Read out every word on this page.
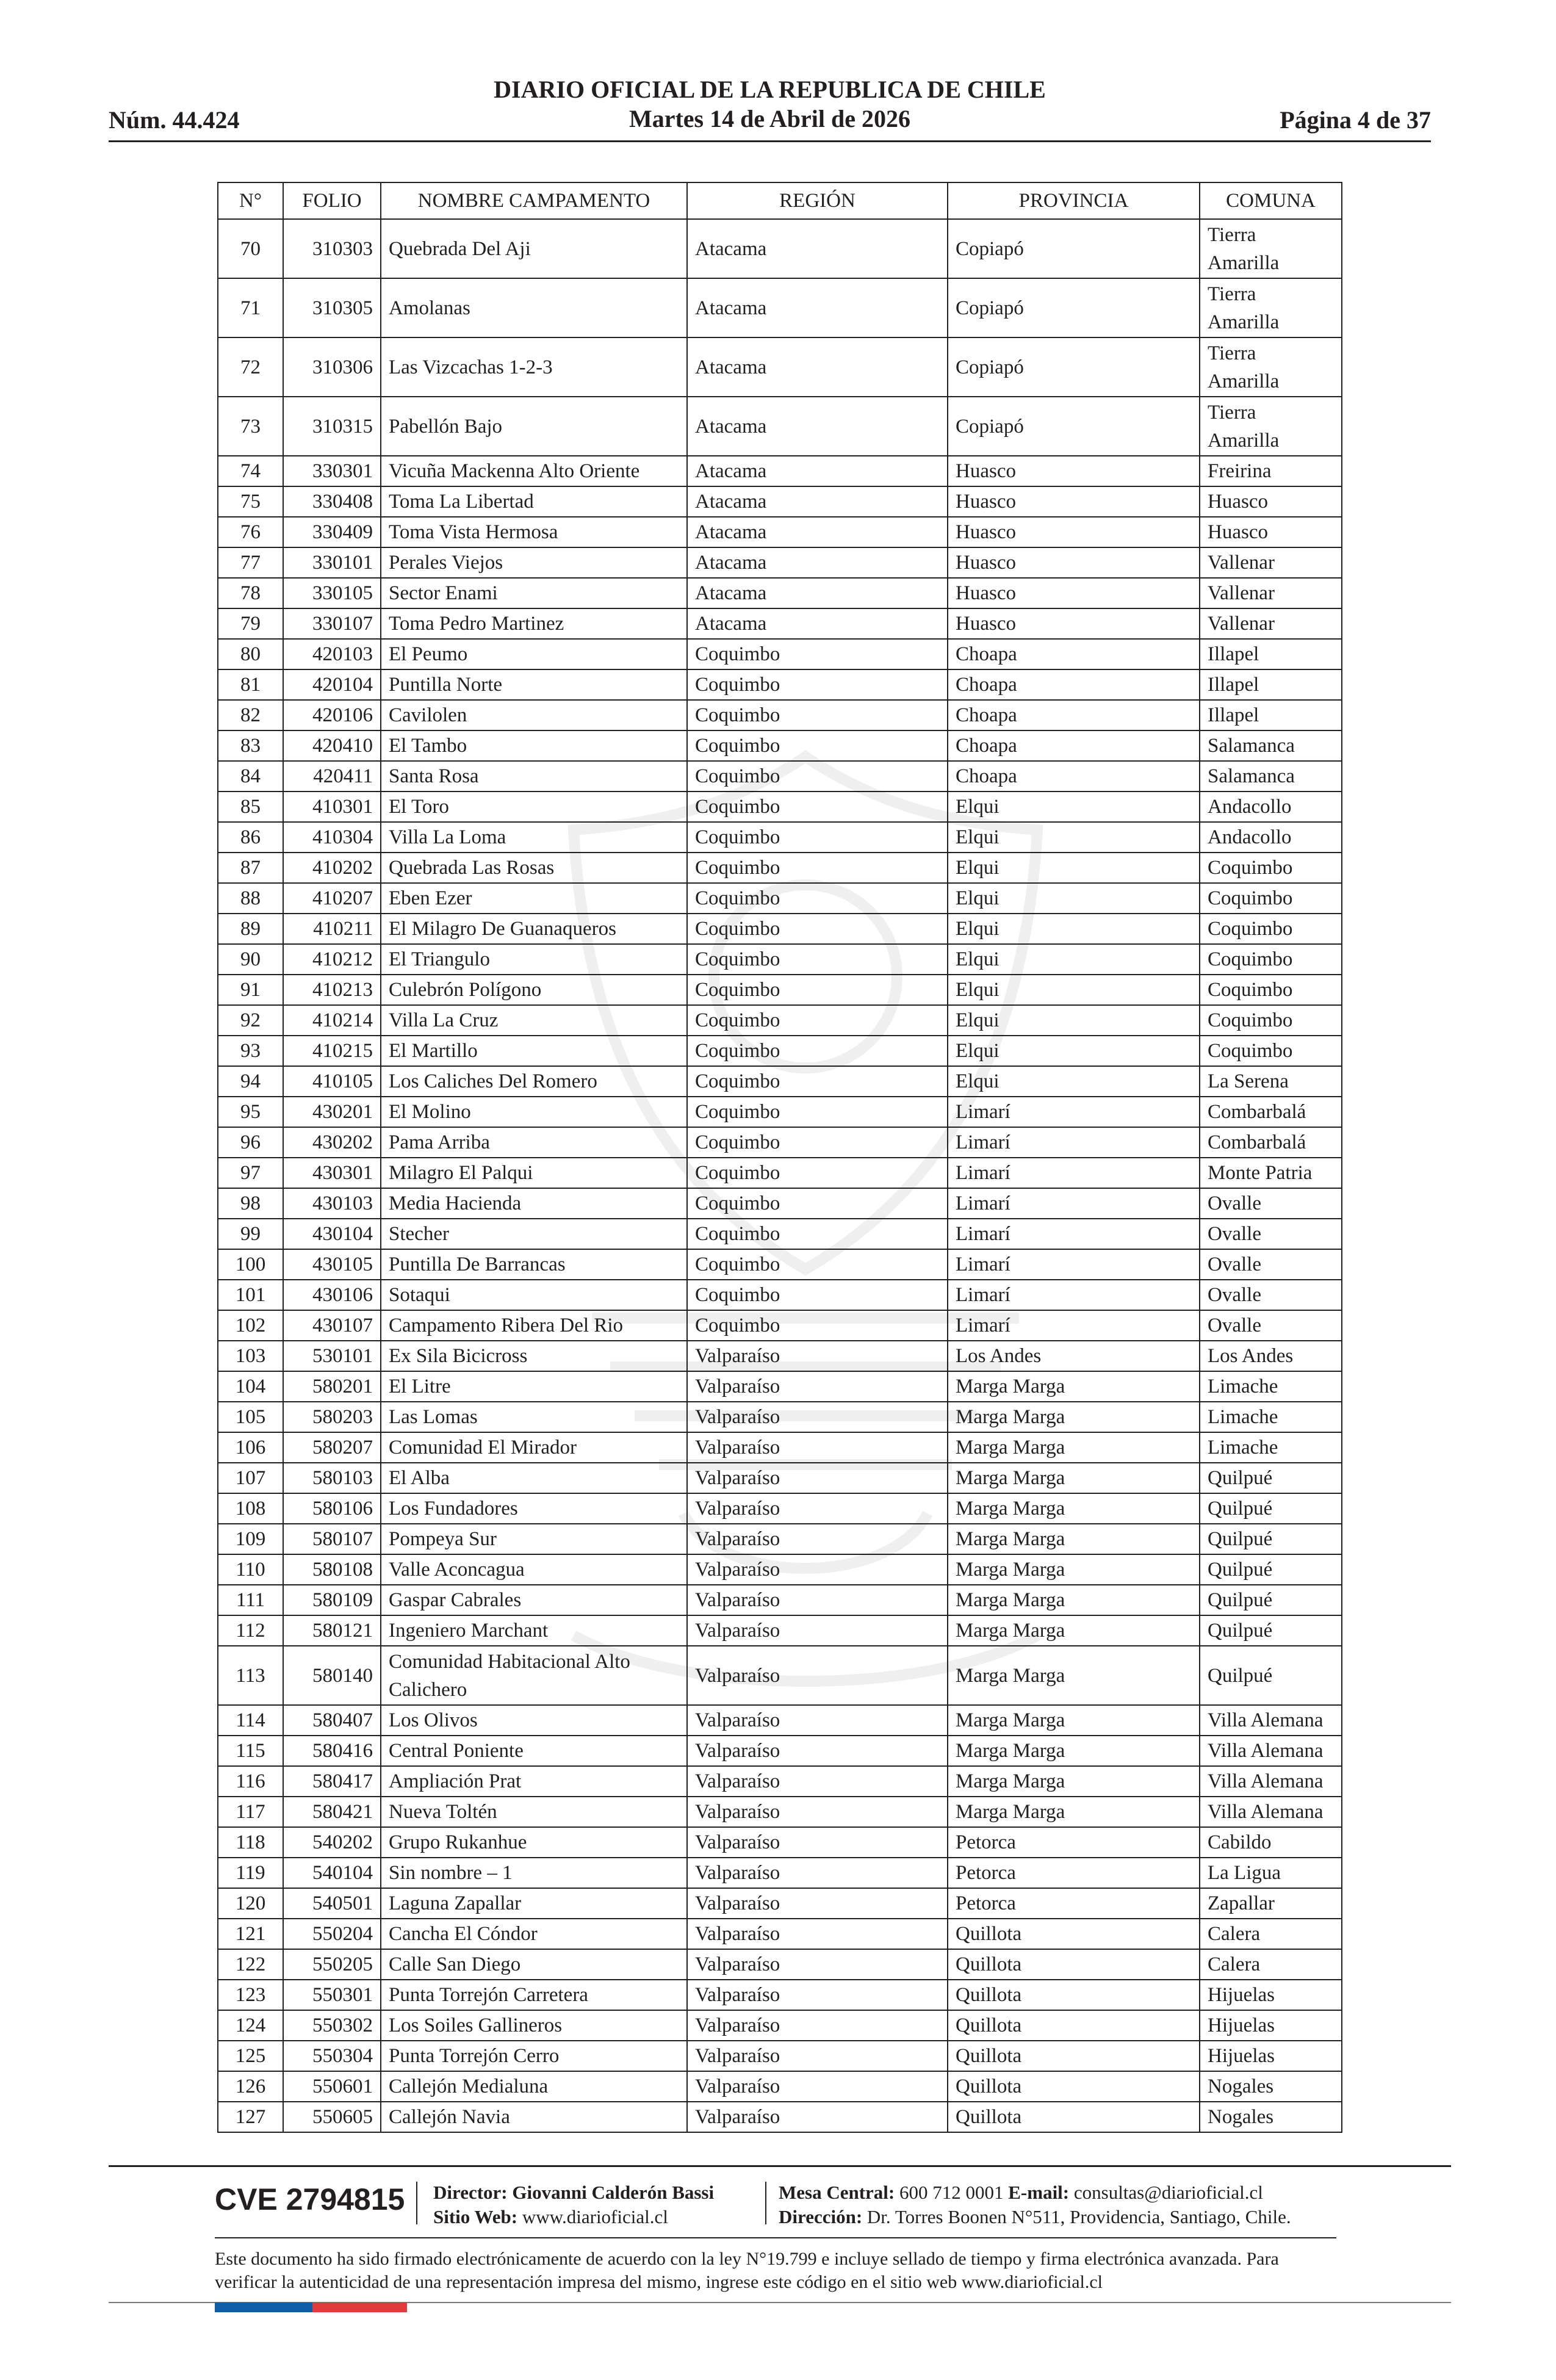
DIARIO OFICIAL DE LA REPUBLICA DE CHILE
Martes 14 de Abril de 2026
Núm. 44.424	Página 4 de 37
N°	FOLIO	NOMBRE CAMPAMENTO	REGIÓN	PROVINCIA	COMUNA
70	310303	Quebrada Del Aji	Atacama	Copiapó	Tierra
Amarilla
71	310305	Amolanas	Atacama	Copiapó	Tierra
Amarilla
72	310306	Las Vizcachas 1-2-3	Atacama	Copiapó	Tierra
Amarilla
73	310315	Pabellón Bajo	Atacama	Copiapó	Tierra
Amarilla
74	330301	Vicuña Mackenna Alto Oriente	Atacama	Huasco	Freirina
75	330408	Toma La Libertad	Atacama	Huasco	Huasco
76	330409	Toma Vista Hermosa	Atacama	Huasco	Huasco
77	330101	Perales Viejos	Atacama	Huasco	Vallenar
78	330105	Sector Enami	Atacama	Huasco	Vallenar
79	330107	Toma Pedro Martinez	Atacama	Huasco	Vallenar
80	420103	El Peumo	Coquimbo	Choapa	Illapel
81	420104	Puntilla Norte	Coquimbo	Choapa	Illapel
82	420106	Cavilolen	Coquimbo	Choapa	Illapel
83	420410	El Tambo	Coquimbo	Choapa	Salamanca
84	420411	Santa Rosa	Coquimbo	Choapa	Salamanca
85	410301	El Toro	Coquimbo	Elqui	Andacollo
86	410304	Villa La Loma	Coquimbo	Elqui	Andacollo
87	410202	Quebrada Las Rosas	Coquimbo	Elqui	Coquimbo
88	410207	Eben Ezer	Coquimbo	Elqui	Coquimbo
89	410211	El Milagro De Guanaqueros	Coquimbo	Elqui	Coquimbo
90	410212	El Triangulo	Coquimbo	Elqui	Coquimbo
91	410213	Culebrón Polígono	Coquimbo	Elqui	Coquimbo
92	410214	Villa La Cruz	Coquimbo	Elqui	Coquimbo
93	410215	El Martillo	Coquimbo	Elqui	Coquimbo
94	410105	Los Caliches Del Romero	Coquimbo	Elqui	La Serena
95	430201	El Molino	Coquimbo	Limarí	Combarbalá
96	430202	Pama Arriba	Coquimbo	Limarí	Combarbalá
97	430301	Milagro El Palqui	Coquimbo	Limarí	Monte Patria
98	430103	Media Hacienda	Coquimbo	Limarí	Ovalle
99	430104	Stecher	Coquimbo	Limarí	Ovalle
100	430105	Puntilla De Barrancas	Coquimbo	Limarí	Ovalle
101	430106	Sotaqui	Coquimbo	Limarí	Ovalle
102	430107	Campamento Ribera Del Rio	Coquimbo	Limarí	Ovalle
103	530101	Ex Sila Bicicross	Valparaíso	Los Andes	Los Andes
104	580201	El Litre	Valparaíso	Marga Marga	Limache
105	580203	Las Lomas	Valparaíso	Marga Marga	Limache
106	580207	Comunidad El Mirador	Valparaíso	Marga Marga	Limache
107	580103	El Alba	Valparaíso	Marga Marga	Quilpué
108	580106	Los Fundadores	Valparaíso	Marga Marga	Quilpué
109	580107	Pompeya Sur	Valparaíso	Marga Marga	Quilpué
110	580108	Valle Aconcagua	Valparaíso	Marga Marga	Quilpué
111	580109	Gaspar Cabrales	Valparaíso	Marga Marga	Quilpué
112	580121	Ingeniero Marchant	Valparaíso	Marga Marga	Quilpué
113	580140	Comunidad Habitacional Alto
Calichero	Valparaíso	Marga Marga	Quilpué
114	580407	Los Olivos	Valparaíso	Marga Marga	Villa Alemana
115	580416	Central Poniente	Valparaíso	Marga Marga	Villa Alemana
116	580417	Ampliación Prat	Valparaíso	Marga Marga	Villa Alemana
117	580421	Nueva Toltén	Valparaíso	Marga Marga	Villa Alemana
118	540202	Grupo Rukanhue	Valparaíso	Petorca	Cabildo
119	540104	Sin nombre – 1	Valparaíso	Petorca	La Ligua
120	540501	Laguna Zapallar	Valparaíso	Petorca	Zapallar
121	550204	Cancha El Cóndor	Valparaíso	Quillota	Calera
122	550205	Calle San Diego	Valparaíso	Quillota	Calera
123	550301	Punta Torrejón Carretera	Valparaíso	Quillota	Hijuelas
124	550302	Los Soiles Gallineros	Valparaíso	Quillota	Hijuelas
125	550304	Punta Torrejón Cerro	Valparaíso	Quillota	Hijuelas
126	550601	Callejón Medialuna	Valparaíso	Quillota	Nogales
127	550605	Callejón Navia	Valparaíso	Quillota	Nogales
CVE 2794815 Director: Giovanni Calderón Bassi
Sitio Web: www.diarioficial.cl
Mesa Central: 600 712 0001 E-mail: consultas@diarioficial.cl
Dirección: Dr. Torres Boonen N°511, Providencia, Santiago, Chile.
Este documento ha sido firmado electrónicamente de acuerdo con la ley N°19.799 e incluye sellado de tiempo y firma electrónica avanzada. Para verificar la autenticidad de una representación impresa del mismo, ingrese este código en el sitio web www.diarioficial.cl
